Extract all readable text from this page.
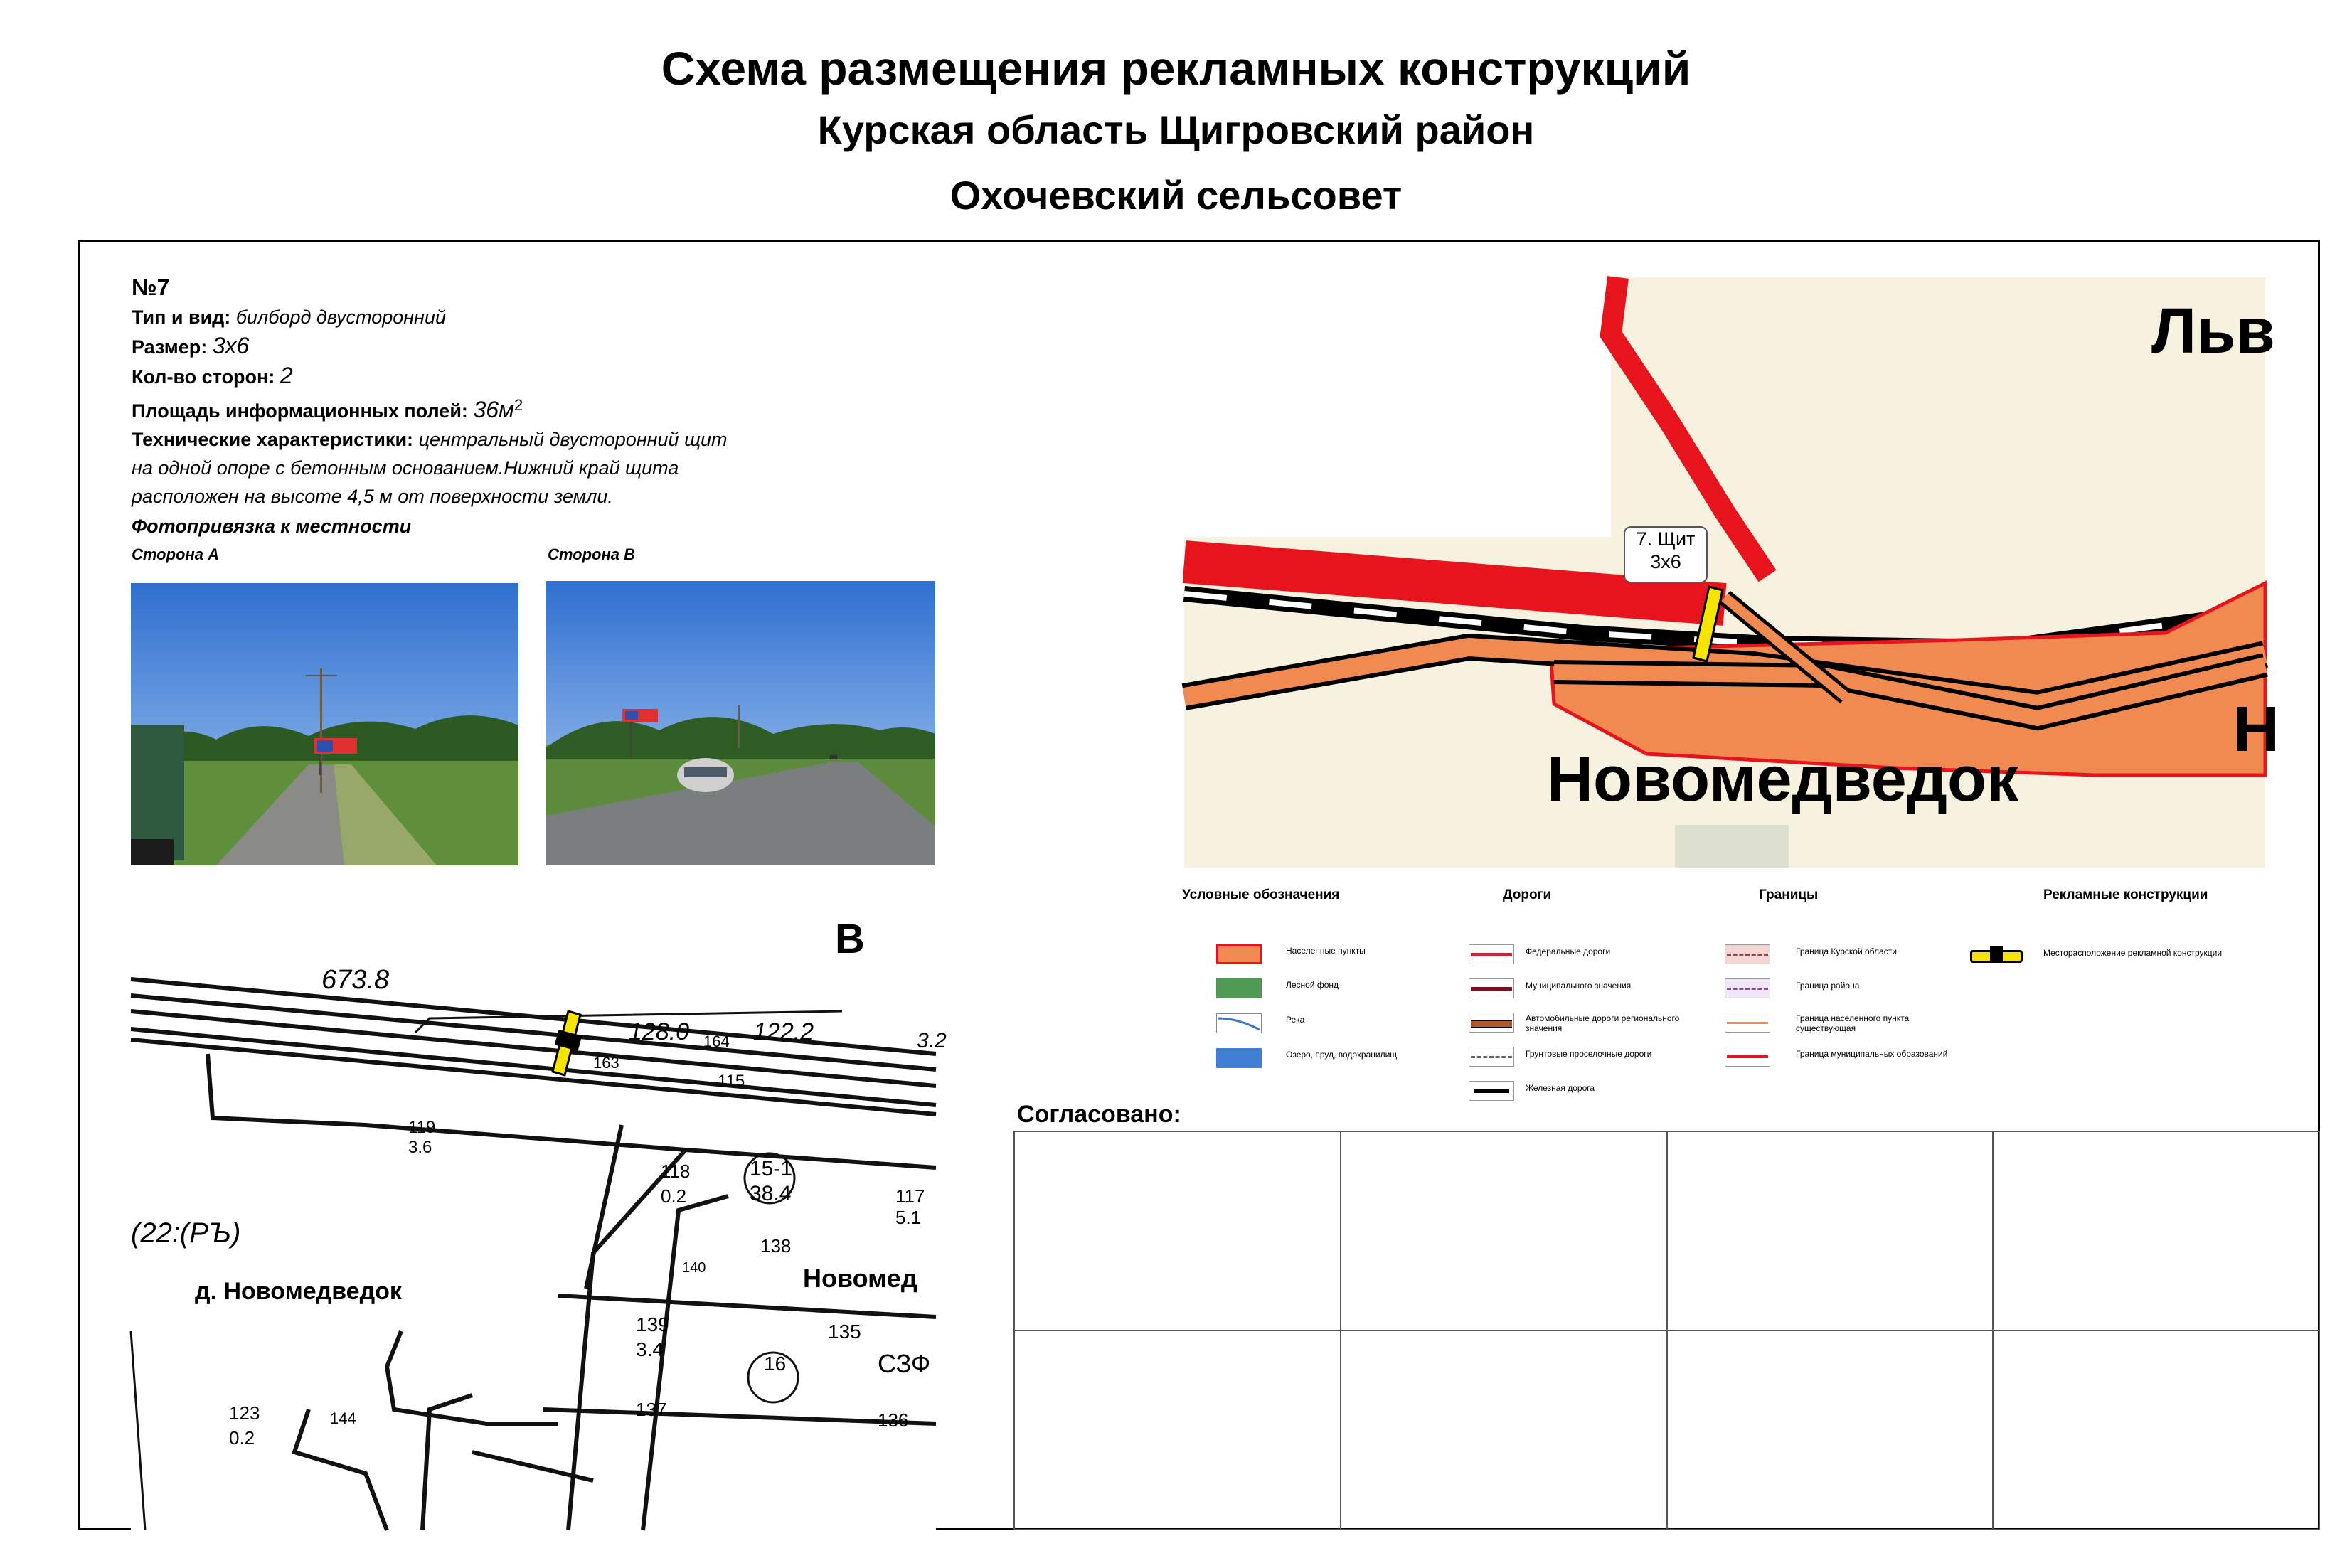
Схема размещения рекламных конструкций
Курская область Щигровский район
Охочевский сельсовет
№7
Тип и вид: билборд двусторонний
Размер: 3х6
Кол-во сторон: 2
Площадь информационных полей: $36м^2$
Технические характеристики: центральный двусторонний щит
на одной опоре с бетонным основанием.Нижний край щита
расположен на высоте 4,5 м от поверхности земли.
Фотопривязка к местности
Сторона А	Сторона В
В
673.8
128.0	122.2
163
164
115
119
3.6
118
0.2
15-1
38.4	117
5.1
138
140
139
3.4
16
135
137	136
123
0.2
144
д. Новомедведок	Новомед
(22:(РЪ)
СЗФ
3.2
Льв
Новомедведок
Н
7. Щит
3х6
Условные обозначения	Дороги	Границы	Рекламные конструкции
Населенные пункты
Лесной фонд
Река
Озеро, пруд, водохранилищ
Федеральные дороги
Муниципального значения
Автомобильные дороги регионального значения
Грунтовые проселочные дороги
Железная дорога
Граница Курской области
Граница района
Граница населенного пункта существующая
Граница муниципальных образований
Месторасположение рекламной конструкции
Согласовано:
